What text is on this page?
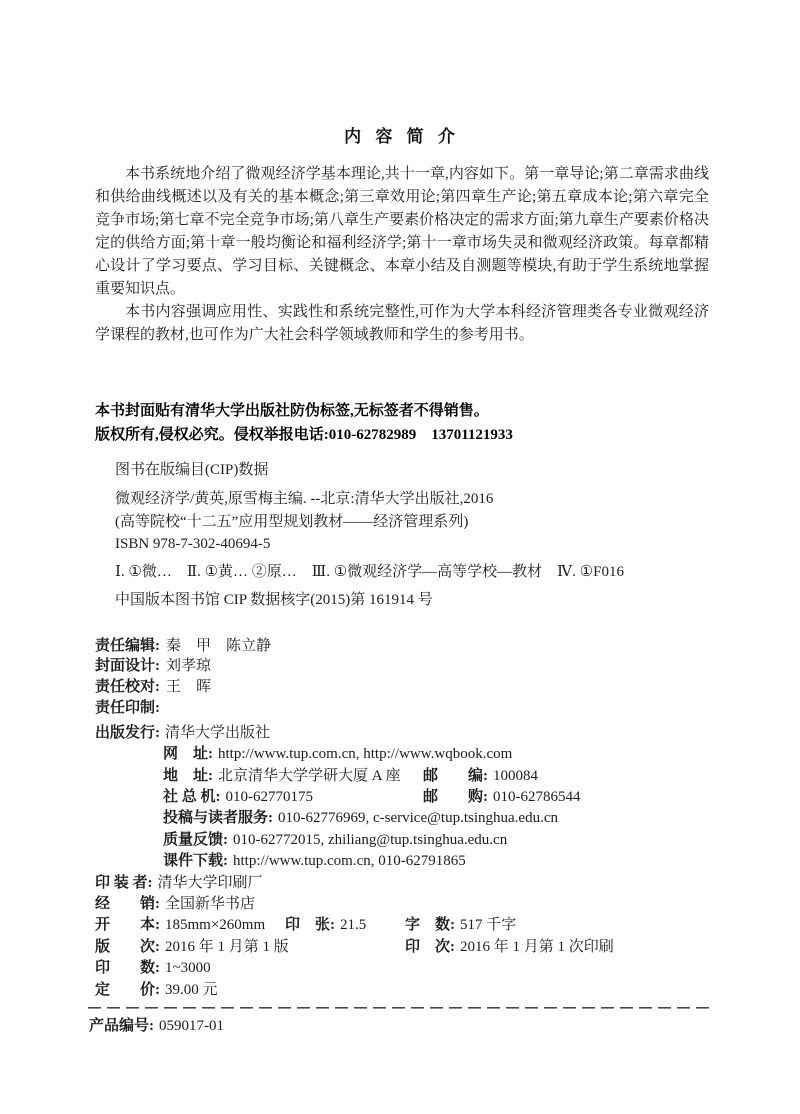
内 容 简 介

本书系统地介绍了微观经济学基本理论,共十一章,内容如下。第一章导论;第二章需求曲线和供给曲线概述以及有关的基本概念;第三章效用论;第四章生产论;第五章成本论;第六章完全竞争市场;第七章不完全竞争市场;第八章生产要素价格决定的需求方面;第九章生产要素价格决定的供给方面;第十章一般均衡论和福利经济学;第十一章市场失灵和微观经济政策。每章都精心设计了学习要点、学习目标、关键概念、本章小结及自测题等模块,有助于学生系统地掌握重要知识点。

本书内容强调应用性、实践性和系统完整性,可作为大学本科经济管理类各专业微观经济学课程的教材,也可作为广大社会科学领域教师和学生的参考用书。

本书封面贴有清华大学出版社防伪标签,无标签者不得销售。
版权所有,侵权必究。侵权举报电话:010-62782989　13701121933
图书在版编目(CIP)数据
微观经济学/黄英,原雪梅主编. --北京:清华大学出版社,2016
(高等院校“十二五”应用型规划教材——经济管理系列)
ISBN 978-7-302-40694-5
Ⅰ. ①微…　Ⅱ. ①黄… ②原…　Ⅲ. ①微观经济学—高等学校—教材　Ⅳ. ①F016
中国版本图书馆 CIP 数据核字(2015)第 161914 号
责任编辑: 秦　甲　陈立静
封面设计: 刘孝琼
责任校对: 王　晖
责任印制:
出版发行: 清华大学出版社
网　址: http://www.tup.com.cn, http://www.wqbook.com
地　址: 北京清华大学学研大厦 A 座 邮　　编: 100084
社 总 机: 010-62770175	邮　　购: 010-62786544
投稿与读者服务: 010-62776969, c-service@tup.tsinghua.edu.cn
质量反馈: 010-62772015, zhiliang@tup.tsinghua.edu.cn
课件下载: http://www.tup.com.cn, 010-62791865
印 装 者: 清华大学印刷厂
经　　销: 全国新华书店
开　　本: 185mm×260mm 印　张: 21.5	字　数: 517 千字
版　　次: 2016 年 1 月第 1 版	印　次: 2016 年 1 月第 1 次印刷
印　　数: 1~3000
定　　价: 39.00 元
产品编号: 059017-01
